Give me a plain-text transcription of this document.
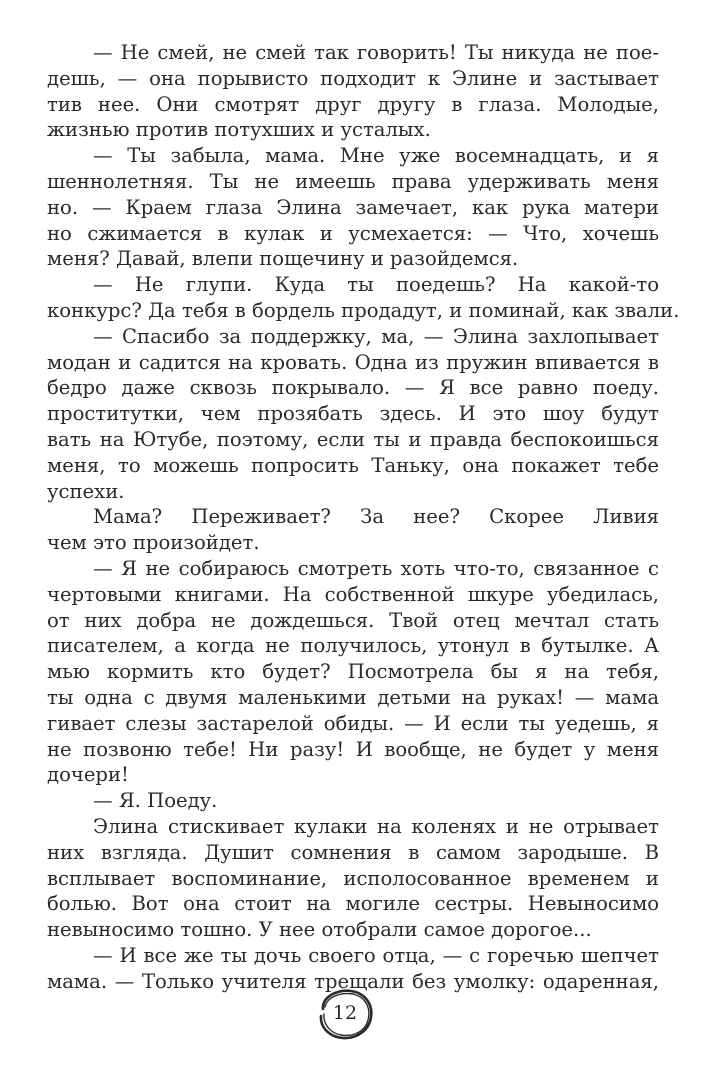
— Не смей, не смей так говорить! Ты никуда не пое-
дешь, — она порывисто подходит к Элине и застывает
тив нее. Они смотрят друг другу в глаза. Молодые,
жизнью против потухших и усталых.
— Ты забыла, мама. Мне уже восемнадцать, и я
шеннолетняя. Ты не имеешь права удерживать меня
но. — Краем глаза Элина замечает, как рука матери
но сжимается в кулак и усмехается: — Что, хочешь
меня? Давай, влепи пощечину и разойдемся.
— Не глупи. Куда ты поедешь? На какой-то
конкурс? Да тебя в бордель продадут, и поминай, как звали.
— Спасибо за поддержку, ма, — Элина захлопывает
модан и садится на кровать. Одна из пружин впивается в
бедро даже сквозь покрывало. — Я все равно поеду.
проститутки, чем прозябать здесь. И это шоу будут
вать на Ютубе, поэтому, если ты и правда беспокоишься
меня, то можешь попросить Таньку, она покажет тебе
успехи.
Мама? Переживает? За нее? Скорее Ливия
чем это произойдет.
— Я не собираюсь смотреть хоть что-то, связанное с
чертовыми книгами. На собственной шкуре убедилась,
от них добра не дождешься. Твой отец мечтал стать
писателем, а когда не получилось, утонул в бутылке. А
мью кормить кто будет? Посмотрела бы я на тебя,
ты одна с двумя маленькими детьми на руках! — мама
гивает слезы застарелой обиды. — И если ты уедешь, я
не позвоню тебе! Ни разу! И вообще, не будет у меня
дочери!
— Я. Поеду.
Элина стискивает кулаки на коленях и не отрывает
них взгляда. Душит сомнения в самом зародыше. В
всплывает воспоминание, исполосованное временем и
болью. Вот она стоит на могиле сестры. Невыносимо
невыносимо тошно. У нее отобрали самое дорогое...
— И все же ты дочь своего отца, — с горечью шепчет
мама. — Только учителя трещали без умолку: одаренная,
12
